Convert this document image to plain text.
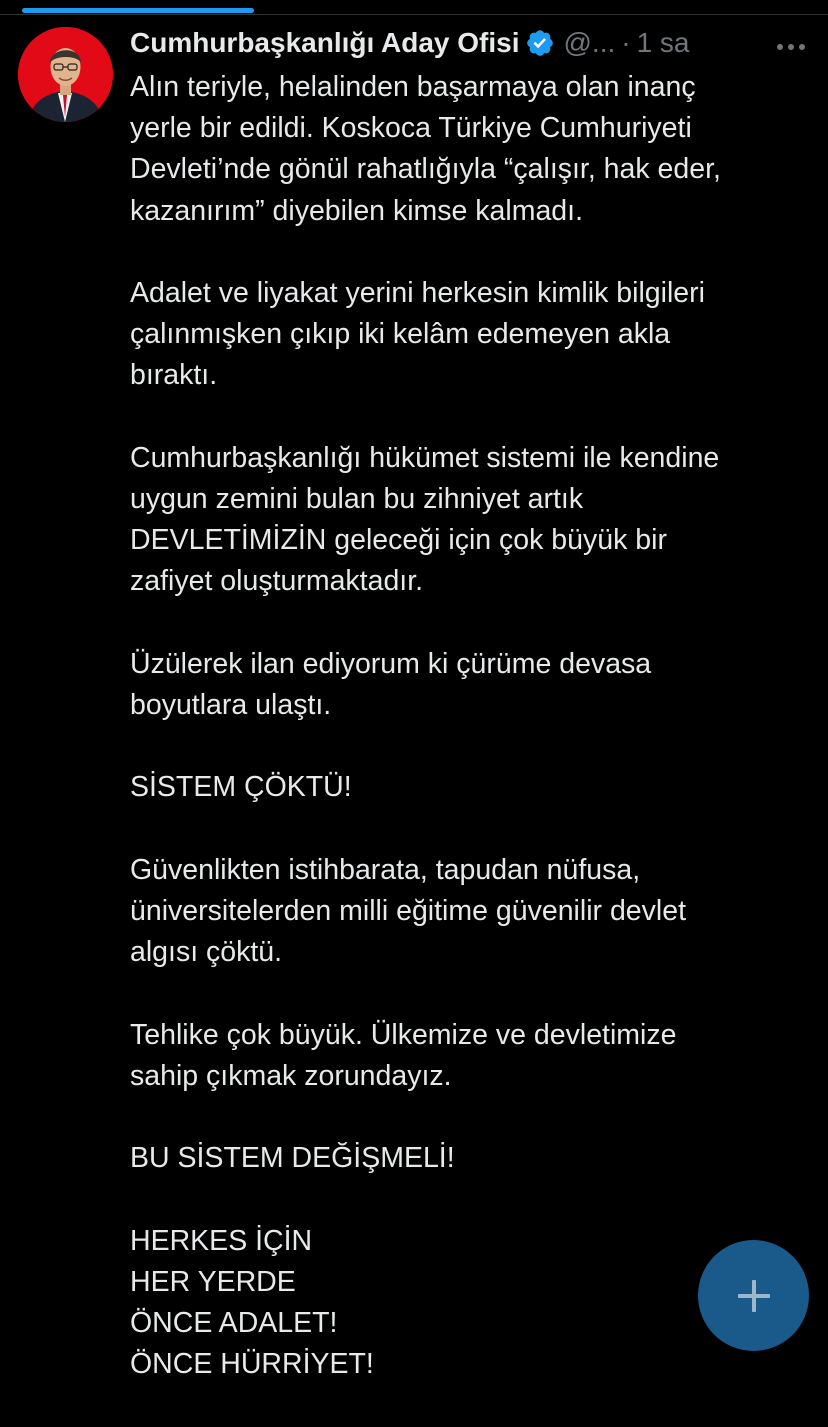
Cumhurbaşkanlığı Aday Ofisi @... · 1 sa

Alın teriyle, helalinden başarmaya olan inanç
yerle bir edildi. Koskoca Türkiye Cumhuriyeti
Devleti’nde gönül rahatlığıyla “çalışır, hak eder,
kazanırım” diyebilen kimse kalmadı.

Adalet ve liyakat yerini herkesin kimlik bilgileri
çalınmışken çıkıp iki kelâm edemeyen akla
bıraktı.

Cumhurbaşkanlığı hükümet sistemi ile kendine
uygun zemini bulan bu zihniyet artık
DEVLETİMİZİN geleceği için çok büyük bir
zafiyet oluşturmaktadır.

Üzülerek ilan ediyorum ki çürüme devasa
boyutlara ulaştı.

SİSTEM ÇÖKTÜ!

Güvenlikten istihbarata, tapudan nüfusa,
üniversitelerden milli eğitime güvenilir devlet
algısı çöktü.

Tehlike çok büyük. Ülkemize ve devletimize
sahip çıkmak zorundayız.

BU SİSTEM DEĞİŞMELİ!

HERKES İÇİN
HER YERDE
ÖNCE ADALET!
ÖNCE HÜRRİYET!
